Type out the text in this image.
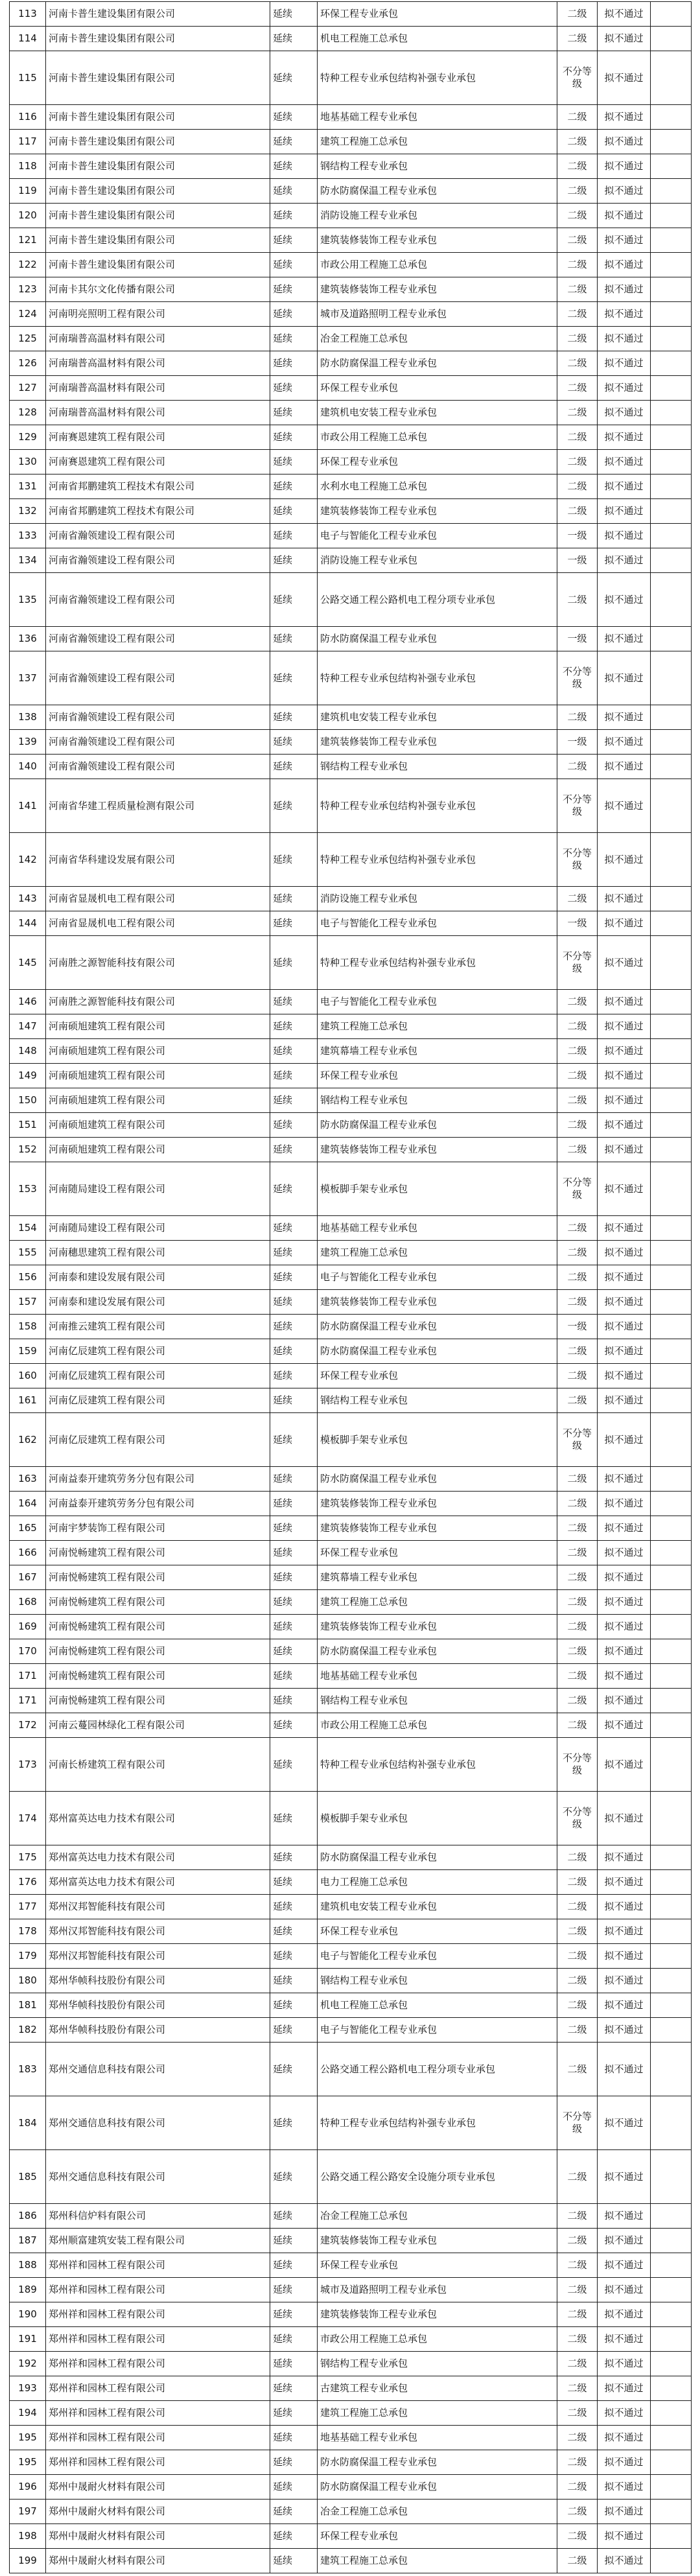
113	河南卡普生建设集团有限公司	延续	环保工程专业承包	二级	拟不通过	
114	河南卡普生建设集团有限公司	延续	机电工程施工总承包	二级	拟不通过	
115	河南卡普生建设集团有限公司	延续	特种工程专业承包结构补强专业承包	不分等级	拟不通过	
116	河南卡普生建设集团有限公司	延续	地基基础工程专业承包	二级	拟不通过	
117	河南卡普生建设集团有限公司	延续	建筑工程施工总承包	二级	拟不通过	
118	河南卡普生建设集团有限公司	延续	钢结构工程专业承包	二级	拟不通过	
119	河南卡普生建设集团有限公司	延续	防水防腐保温工程专业承包	二级	拟不通过	
120	河南卡普生建设集团有限公司	延续	消防设施工程专业承包	二级	拟不通过	
121	河南卡普生建设集团有限公司	延续	建筑装修装饰工程专业承包	二级	拟不通过	
122	河南卡普生建设集团有限公司	延续	市政公用工程施工总承包	二级	拟不通过	
123	河南卡其尔文化传播有限公司	延续	建筑装修装饰工程专业承包	二级	拟不通过	
124	河南明亮照明工程有限公司	延续	城市及道路照明工程专业承包	二级	拟不通过	
125	河南瑞普高温材料有限公司	延续	冶金工程施工总承包	二级	拟不通过	
126	河南瑞普高温材料有限公司	延续	防水防腐保温工程专业承包	二级	拟不通过	
127	河南瑞普高温材料有限公司	延续	环保工程专业承包	二级	拟不通过	
128	河南瑞普高温材料有限公司	延续	建筑机电安装工程专业承包	二级	拟不通过	
129	河南赛恩建筑工程有限公司	延续	市政公用工程施工总承包	二级	拟不通过	
130	河南赛恩建筑工程有限公司	延续	环保工程专业承包	二级	拟不通过	
131	河南省邦鹏建筑工程技术有限公司	延续	水利水电工程施工总承包	二级	拟不通过	
132	河南省邦鹏建筑工程技术有限公司	延续	建筑装修装饰工程专业承包	二级	拟不通过	
133	河南省瀚领建设工程有限公司	延续	电子与智能化工程专业承包	一级	拟不通过	
134	河南省瀚领建设工程有限公司	延续	消防设施工程专业承包	一级	拟不通过	
135	河南省瀚领建设工程有限公司	延续	公路交通工程公路机电工程分项专业承包	二级	拟不通过	
136	河南省瀚领建设工程有限公司	延续	防水防腐保温工程专业承包	一级	拟不通过	
137	河南省瀚领建设工程有限公司	延续	特种工程专业承包结构补强专业承包	不分等级	拟不通过	
138	河南省瀚领建设工程有限公司	延续	建筑机电安装工程专业承包	二级	拟不通过	
139	河南省瀚领建设工程有限公司	延续	建筑装修装饰工程专业承包	一级	拟不通过	
140	河南省瀚领建设工程有限公司	延续	钢结构工程专业承包	二级	拟不通过	
141	河南省华建工程质量检测有限公司	延续	特种工程专业承包结构补强专业承包	不分等级	拟不通过	
142	河南省华科建设发展有限公司	延续	特种工程专业承包结构补强专业承包	不分等级	拟不通过	
143	河南省显晟机电工程有限公司	延续	消防设施工程专业承包	二级	拟不通过	
144	河南省显晟机电工程有限公司	延续	电子与智能化工程专业承包	一级	拟不通过	
145	河南胜之源智能科技有限公司	延续	特种工程专业承包结构补强专业承包	不分等级	拟不通过	
146	河南胜之源智能科技有限公司	延续	电子与智能化工程专业承包	二级	拟不通过	
147	河南硕旭建筑工程有限公司	延续	建筑工程施工总承包	二级	拟不通过	
148	河南硕旭建筑工程有限公司	延续	建筑幕墙工程专业承包	二级	拟不通过	
149	河南硕旭建筑工程有限公司	延续	环保工程专业承包	二级	拟不通过	
150	河南硕旭建筑工程有限公司	延续	钢结构工程专业承包	二级	拟不通过	
151	河南硕旭建筑工程有限公司	延续	防水防腐保温工程专业承包	二级	拟不通过	
152	河南硕旭建筑工程有限公司	延续	建筑装修装饰工程专业承包	二级	拟不通过	
153	河南随局建设工程有限公司	延续	模板脚手架专业承包	不分等级	拟不通过	
154	河南随局建设工程有限公司	延续	地基基础工程专业承包	二级	拟不通过	
155	河南穗思建筑工程有限公司	延续	建筑工程施工总承包	二级	拟不通过	
156	河南泰和建设发展有限公司	延续	电子与智能化工程专业承包	二级	拟不通过	
157	河南泰和建设发展有限公司	延续	建筑装修装饰工程专业承包	二级	拟不通过	
158	河南推云建筑工程有限公司	延续	防水防腐保温工程专业承包	一级	拟不通过	
159	河南亿辰建筑工程有限公司	延续	防水防腐保温工程专业承包	二级	拟不通过	
160	河南亿辰建筑工程有限公司	延续	环保工程专业承包	二级	拟不通过	
161	河南亿辰建筑工程有限公司	延续	钢结构工程专业承包	二级	拟不通过	
162	河南亿辰建筑工程有限公司	延续	模板脚手架专业承包	不分等级	拟不通过	
163	河南益泰开建筑劳务分包有限公司	延续	防水防腐保温工程专业承包	二级	拟不通过	
164	河南益泰开建筑劳务分包有限公司	延续	建筑装修装饰工程专业承包	二级	拟不通过	
165	河南宇梦装饰工程有限公司	延续	建筑装修装饰工程专业承包	二级	拟不通过	
166	河南悦畅建筑工程有限公司	延续	环保工程专业承包	二级	拟不通过	
167	河南悦畅建筑工程有限公司	延续	建筑幕墙工程专业承包	二级	拟不通过	
168	河南悦畅建筑工程有限公司	延续	建筑工程施工总承包	二级	拟不通过	
169	河南悦畅建筑工程有限公司	延续	建筑装修装饰工程专业承包	二级	拟不通过	
170	河南悦畅建筑工程有限公司	延续	防水防腐保温工程专业承包	二级	拟不通过	
171	河南悦畅建筑工程有限公司	延续	地基基础工程专业承包	二级	拟不通过	
171	河南悦畅建筑工程有限公司	延续	钢结构工程专业承包	二级	拟不通过	
172	河南云蔓园林绿化工程有限公司	延续	市政公用工程施工总承包	二级	拟不通过	
173	河南长桥建筑工程有限公司	延续	特种工程专业承包结构补强专业承包	不分等级	拟不通过	
174	郑州富英达电力技术有限公司	延续	模板脚手架专业承包	不分等级	拟不通过	
175	郑州富英达电力技术有限公司	延续	防水防腐保温工程专业承包	二级	拟不通过	
176	郑州富英达电力技术有限公司	延续	电力工程施工总承包	二级	拟不通过	
177	郑州汉邦智能科技有限公司	延续	建筑机电安装工程专业承包	二级	拟不通过	
178	郑州汉邦智能科技有限公司	延续	环保工程专业承包	二级	拟不通过	
179	郑州汉邦智能科技有限公司	延续	电子与智能化工程专业承包	二级	拟不通过	
180	郑州华帧科技股份有限公司	延续	钢结构工程专业承包	二级	拟不通过	
181	郑州华帧科技股份有限公司	延续	机电工程施工总承包	二级	拟不通过	
182	郑州华帧科技股份有限公司	延续	电子与智能化工程专业承包	二级	拟不通过	
183	郑州交通信息科技有限公司	延续	公路交通工程公路机电工程分项专业承包	二级	拟不通过	
184	郑州交通信息科技有限公司	延续	特种工程专业承包结构补强专业承包	不分等级	拟不通过	
185	郑州交通信息科技有限公司	延续	公路交通工程公路安全设施分项专业承包	二级	拟不通过	
186	郑州科信炉料有限公司	延续	冶金工程施工总承包	二级	拟不通过	
187	郑州顺富建筑安装工程有限公司	延续	建筑装修装饰工程专业承包	二级	拟不通过	
188	郑州祥和园林工程有限公司	延续	环保工程专业承包	二级	拟不通过	
189	郑州祥和园林工程有限公司	延续	城市及道路照明工程专业承包	二级	拟不通过	
190	郑州祥和园林工程有限公司	延续	建筑装修装饰工程专业承包	二级	拟不通过	
191	郑州祥和园林工程有限公司	延续	市政公用工程施工总承包	二级	拟不通过	
192	郑州祥和园林工程有限公司	延续	钢结构工程专业承包	二级	拟不通过	
193	郑州祥和园林工程有限公司	延续	古建筑工程专业承包	二级	拟不通过	
194	郑州祥和园林工程有限公司	延续	建筑工程施工总承包	二级	拟不通过	
195	郑州祥和园林工程有限公司	延续	地基基础工程专业承包	二级	拟不通过	
195	郑州祥和园林工程有限公司	延续	防水防腐保温工程专业承包	二级	拟不通过	
196	郑州中晟耐火材料有限公司	延续	防水防腐保温工程专业承包	二级	拟不通过	
197	郑州中晟耐火材料有限公司	延续	冶金工程施工总承包	二级	拟不通过	
198	郑州中晟耐火材料有限公司	延续	环保工程专业承包	二级	拟不通过	
199	郑州中晟耐火材料有限公司	延续	建筑工程施工总承包	二级	拟不通过	
